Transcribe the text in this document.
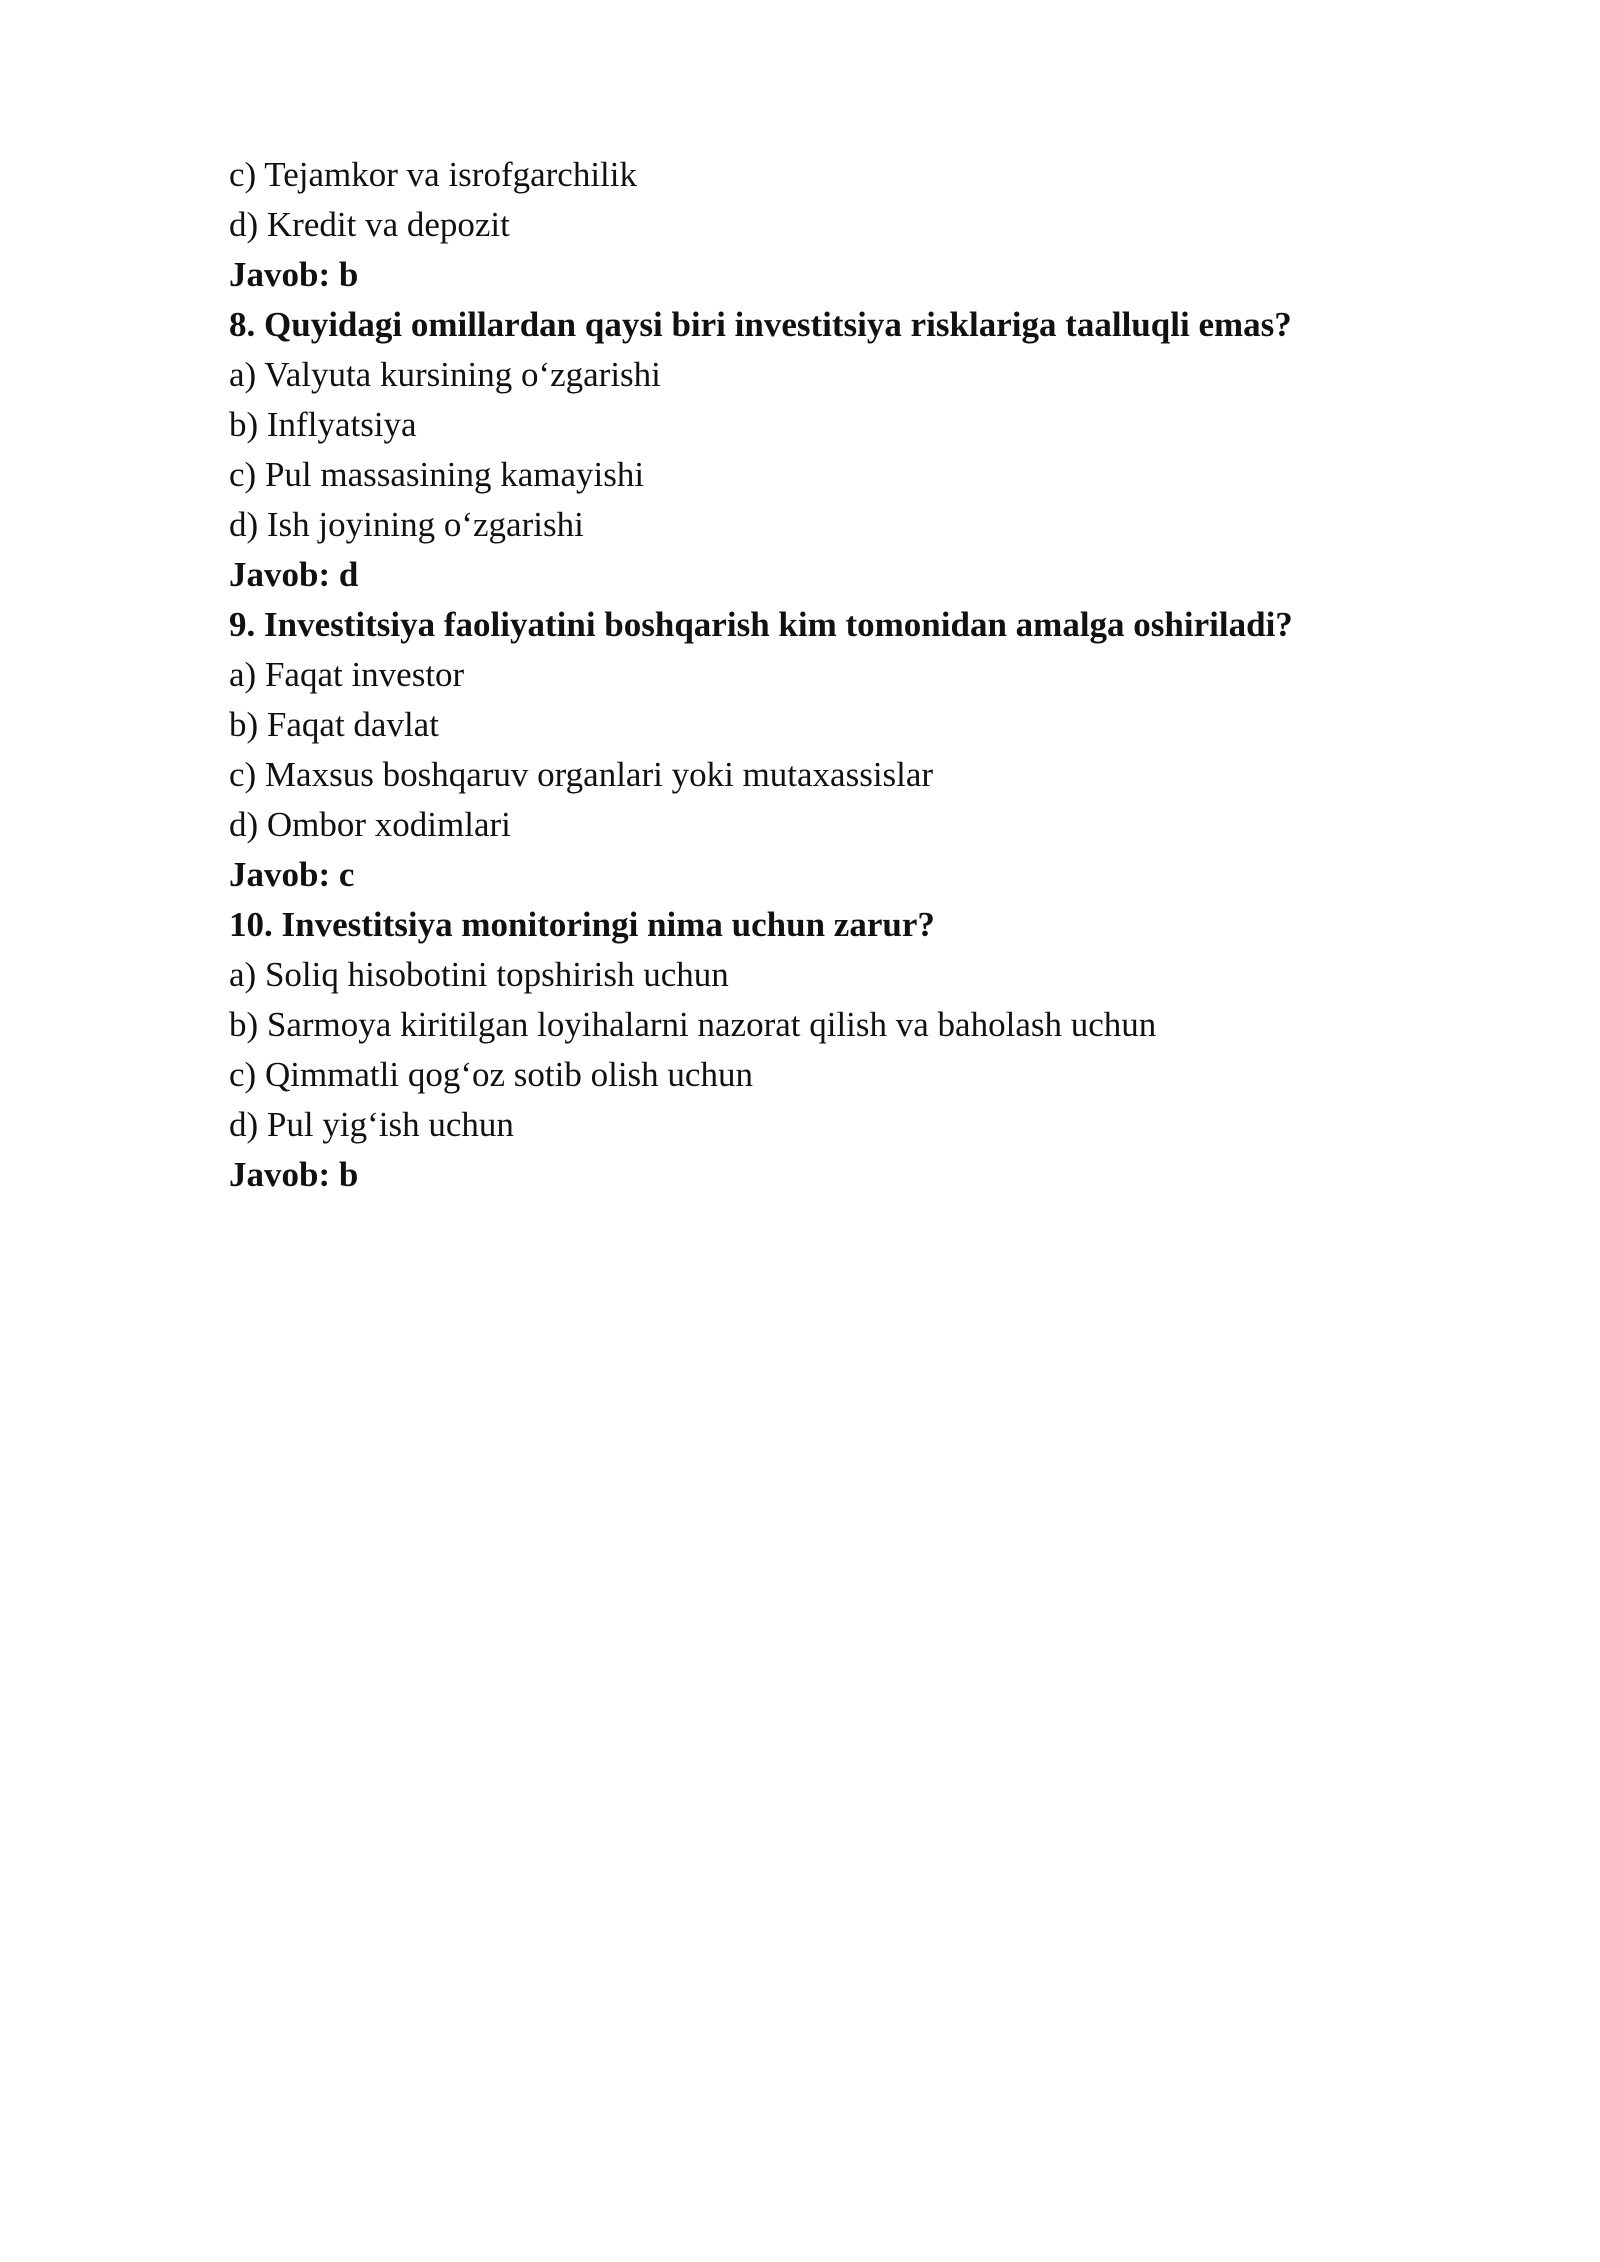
c) Tejamkor va isrofgarchilik
d) Kredit va depozit
Javob: b
8. Quyidagi omillardan qaysi biri investitsiya risklariga taalluqli emas?
a) Valyuta kursining o‘zgarishi
b) Inflyatsiya
c) Pul massasining kamayishi
d) Ish joyining o‘zgarishi
Javob: d
9. Investitsiya faoliyatini boshqarish kim tomonidan amalga oshiriladi?
a) Faqat investor
b) Faqat davlat
c) Maxsus boshqaruv organlari yoki mutaxassislar
d) Ombor xodimlari
Javob: c
10. Investitsiya monitoringi nima uchun zarur?
a) Soliq hisobotini topshirish uchun
b) Sarmoya kiritilgan loyihalarni nazorat qilish va baholash uchun
c) Qimmatli qog‘oz sotib olish uchun
d) Pul yig‘ish uchun
Javob: b
